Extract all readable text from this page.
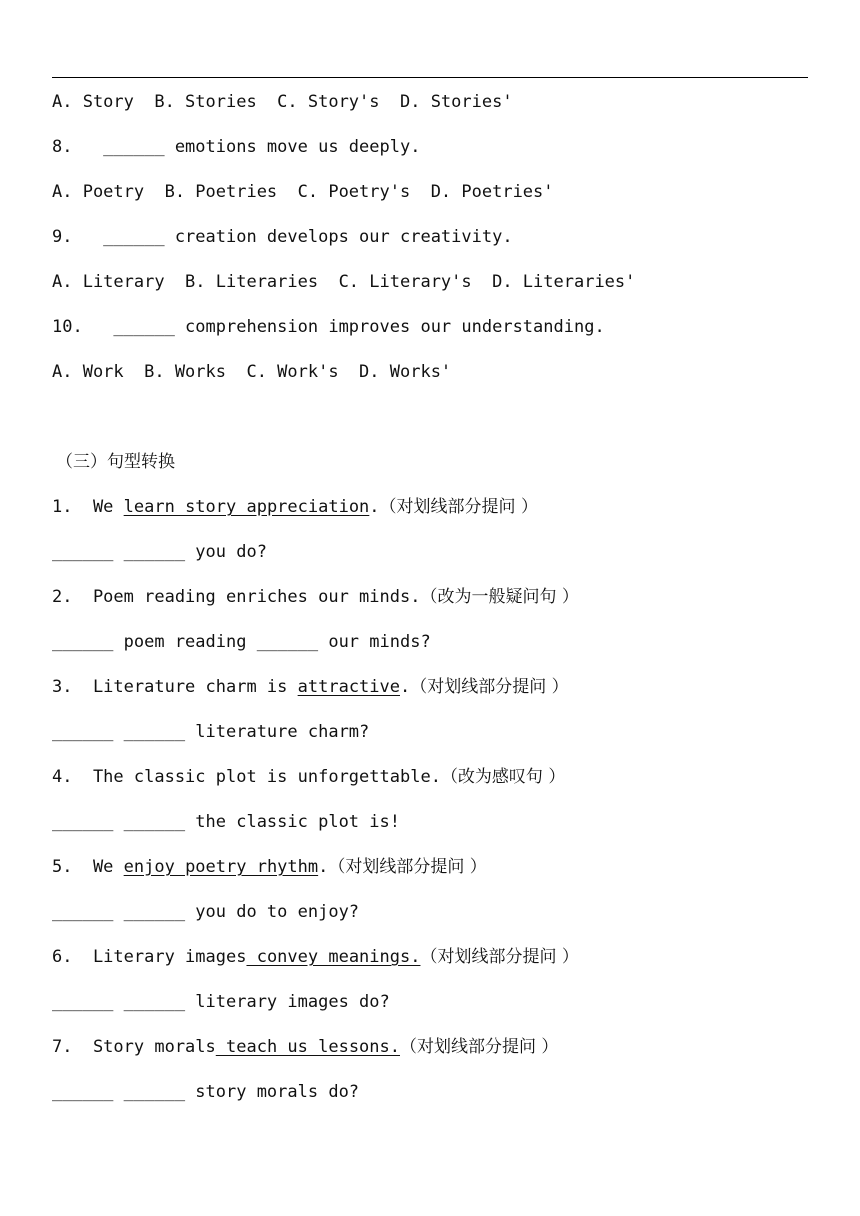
A. Story  B. Stories  C. Story's  D. Stories'
8.   ______ emotions move us deeply.
A. Poetry  B. Poetries  C. Poetry's  D. Poetries'
9.   ______ creation develops our creativity.
A. Literary  B. Literaries  C. Literary's  D. Literaries'
10.   ______ comprehension improves our understanding.
A. Work  B. Works  C. Work's  D. Works'
（三）句型转换
1.  We learn story appreciation.（对划线部分提问 ）
______ ______ you do?
2.  Poem reading enriches our minds.（改为一般疑问句 ）
______ poem reading ______ our minds?
3.  Literature charm is attractive.（对划线部分提问 ）
______ ______ literature charm?
4.  The classic plot is unforgettable.（改为感叹句 ）
______ ______ the classic plot is!
5.  We enjoy poetry rhythm.（对划线部分提问 ）
______ ______ you do to enjoy?
6.  Literary images convey meanings.（对划线部分提问 ）
______ ______ literary images do?
7.  Story morals teach us lessons.（对划线部分提问 ）
______ ______ story morals do?
